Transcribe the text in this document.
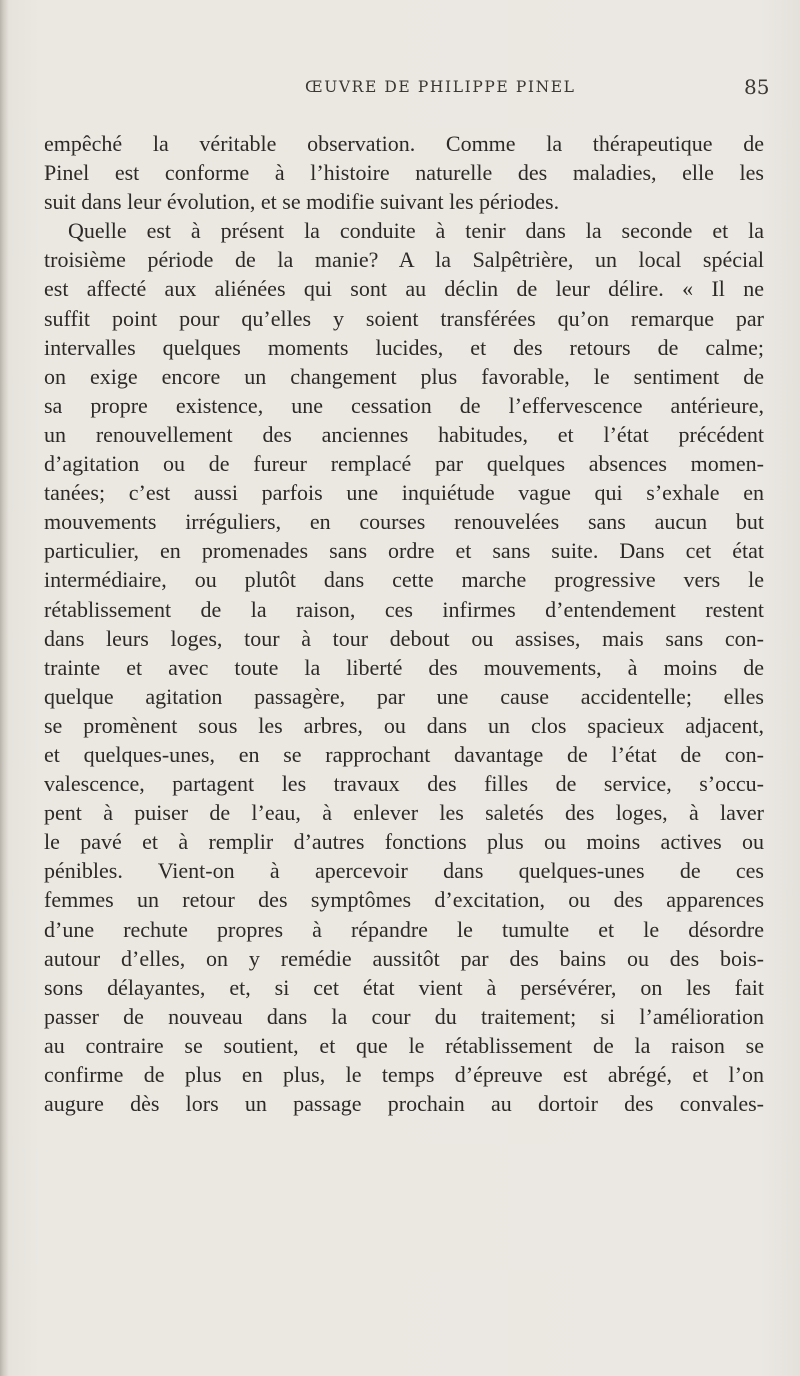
ŒUVRE DE PHILIPPE PINEL	85
empêché la véritable observation. Comme la thérapeutique de
Pinel est conforme à l’histoire naturelle des maladies, elle les
suit dans leur évolution, et se modifie suivant les périodes.
Quelle est à présent la conduite à tenir dans la seconde et la
troisième période de la manie? A la Salpêtrière, un local spécial
est affecté aux aliénées qui sont au déclin de leur délire. « Il ne
suffit point pour qu’elles y soient transférées qu’on remarque par
intervalles quelques moments lucides, et des retours de calme;
on exige encore un changement plus favorable, le sentiment de
sa propre existence, une cessation de l’effervescence antérieure,
un renouvellement des anciennes habitudes, et l’état précédent
d’agitation ou de fureur remplacé par quelques absences momen-
tanées; c’est aussi parfois une inquiétude vague qui s’exhale en
mouvements irréguliers, en courses renouvelées sans aucun but
particulier, en promenades sans ordre et sans suite. Dans cet état
intermédiaire, ou plutôt dans cette marche progressive vers le
rétablissement de la raison, ces infirmes d’entendement restent
dans leurs loges, tour à tour debout ou assises, mais sans con-
trainte et avec toute la liberté des mouvements, à moins de
quelque agitation passagère, par une cause accidentelle; elles
se promènent sous les arbres, ou dans un clos spacieux adjacent,
et quelques-unes, en se rapprochant davantage de l’état de con-
valescence, partagent les travaux des filles de service, s’occu-
pent à puiser de l’eau, à enlever les saletés des loges, à laver
le pavé et à remplir d’autres fonctions plus ou moins actives ou
pénibles. Vient-on à apercevoir dans quelques-unes de ces
femmes un retour des symptômes d’excitation, ou des apparences
d’une rechute propres à répandre le tumulte et le désordre
autour d’elles, on y remédie aussitôt par des bains ou des bois-
sons délayantes, et, si cet état vient à persévérer, on les fait
passer de nouveau dans la cour du traitement; si l’amélioration
au contraire se soutient, et que le rétablissement de la raison se
confirme de plus en plus, le temps d’épreuve est abrégé, et l’on
augure dès lors un passage prochain au dortoir des convales-
